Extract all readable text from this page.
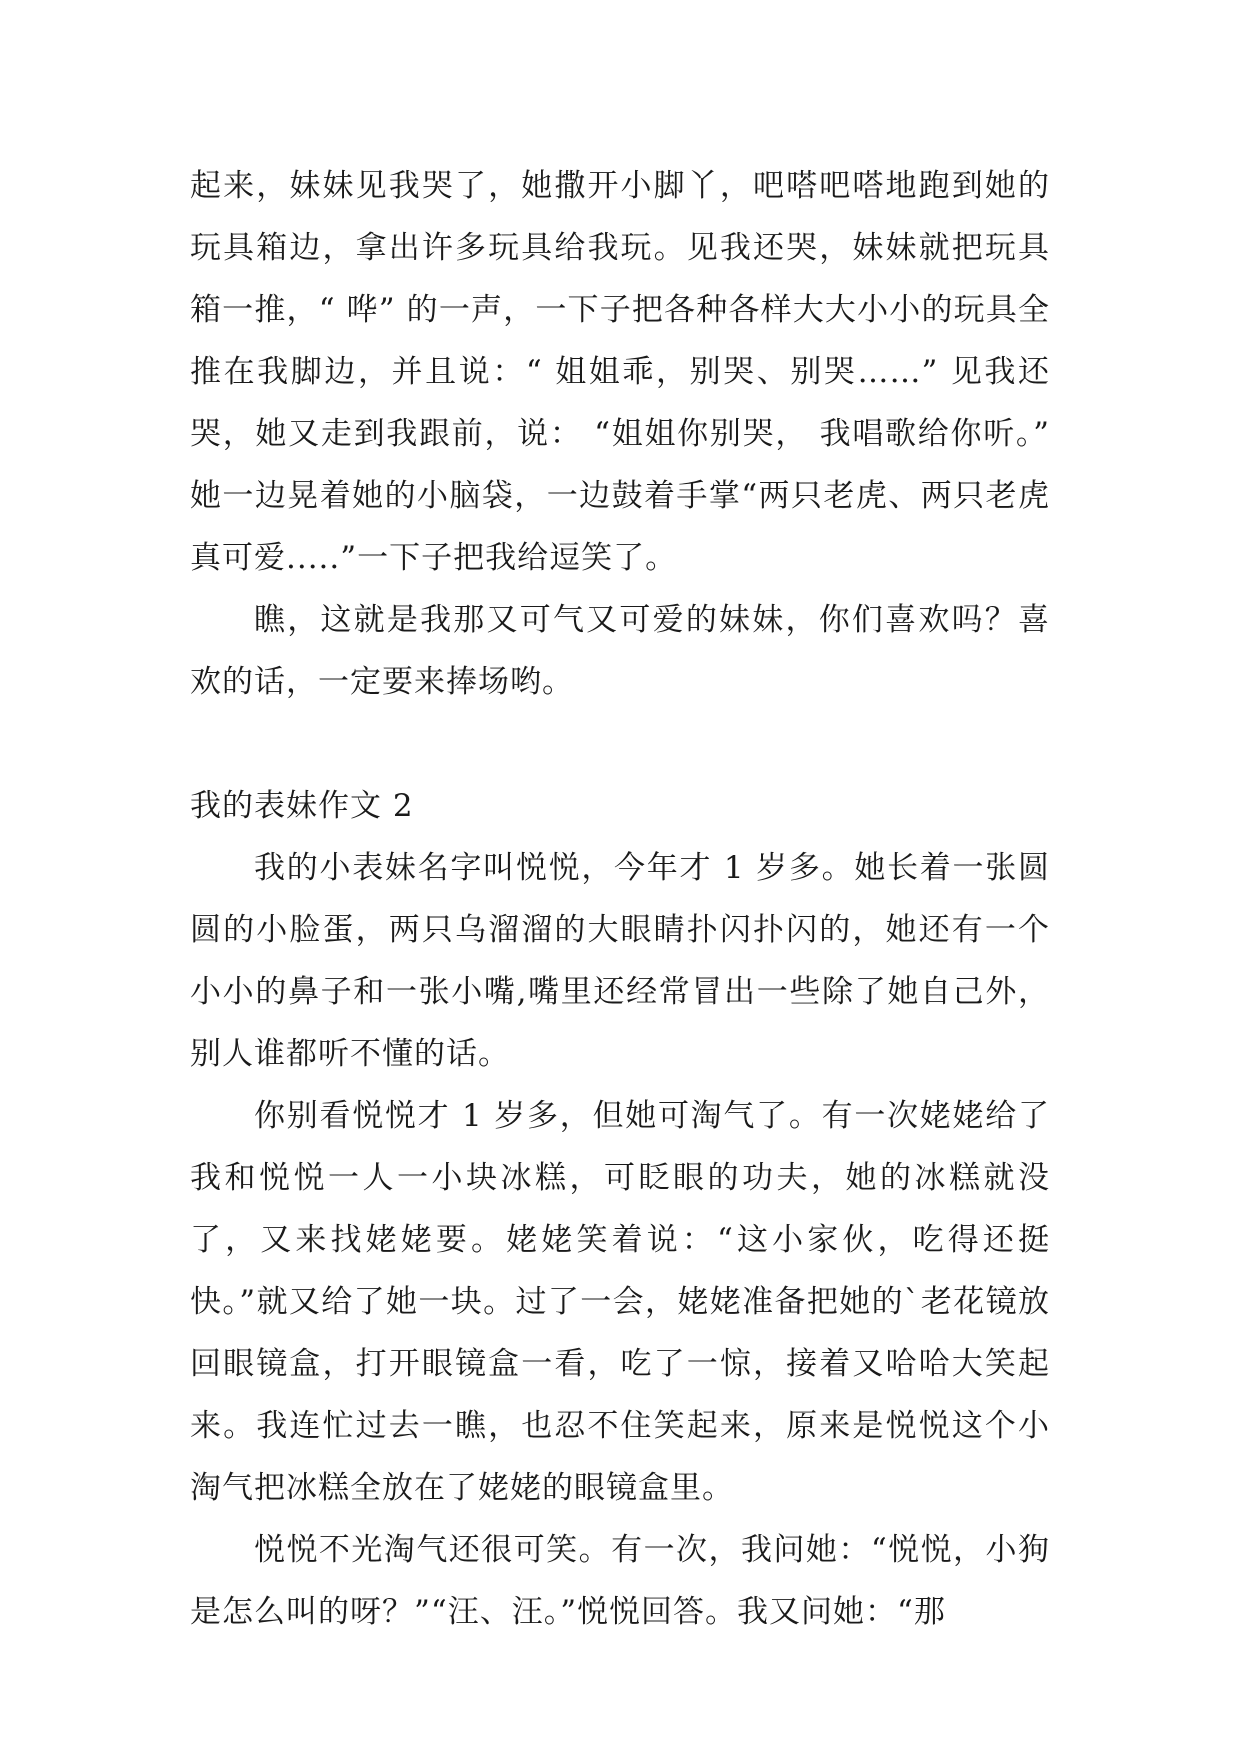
起来，妹妹见我哭了，她撒开小脚丫，吧嗒吧嗒地跑到她的玩具箱边，拿出许多玩具给我玩。见我还哭，妹妹就把玩具箱一推，“ 哗” 的一声，一下子把各种各样大大小小的玩具全推在我脚边，并且说：“ 姐姐乖，别哭、别哭……” 见我还哭，她又走到我跟前，说： “姐姐你别哭， 我唱歌给你听。” 她一边晃着她的小脑袋，一边鼓着手掌“两只老虎、两只老虎真可爱.....”一下子把我给逗笑了。

瞧，这就是我那又可气又可爱的妹妹，你们喜欢吗？喜欢的话，一定要来捧场哟。

我的表妹作文 2

我的小表妹名字叫悦悦，今年才 1 岁多。她长着一张圆圆的小脸蛋，两只乌溜溜的大眼睛扑闪扑闪的，她还有一个小小的鼻子和一张小嘴,嘴里还经常冒出一些除了她自己外，别人谁都听不懂的话。

你别看悦悦才 1 岁多，但她可淘气了。有一次姥姥给了我和悦悦一人一小块冰糕，可眨眼的功夫，她的冰糕就没了，又来找姥姥要。姥姥笑着说：“这小家伙，吃得还挺快。”就又给了她一块。过了一会，姥姥准备把她的`老花镜放回眼镜盒，打开眼镜盒一看，吃了一惊，接着又哈哈大笑起来。我连忙过去一瞧，也忍不住笑起来，原来是悦悦这个小淘气把冰糕全放在了姥姥的眼镜盒里。

悦悦不光淘气还很可笑。有一次，我问她：“悦悦，小狗是怎么叫的呀？”“汪、汪。”悦悦回答。我又问她：“那
